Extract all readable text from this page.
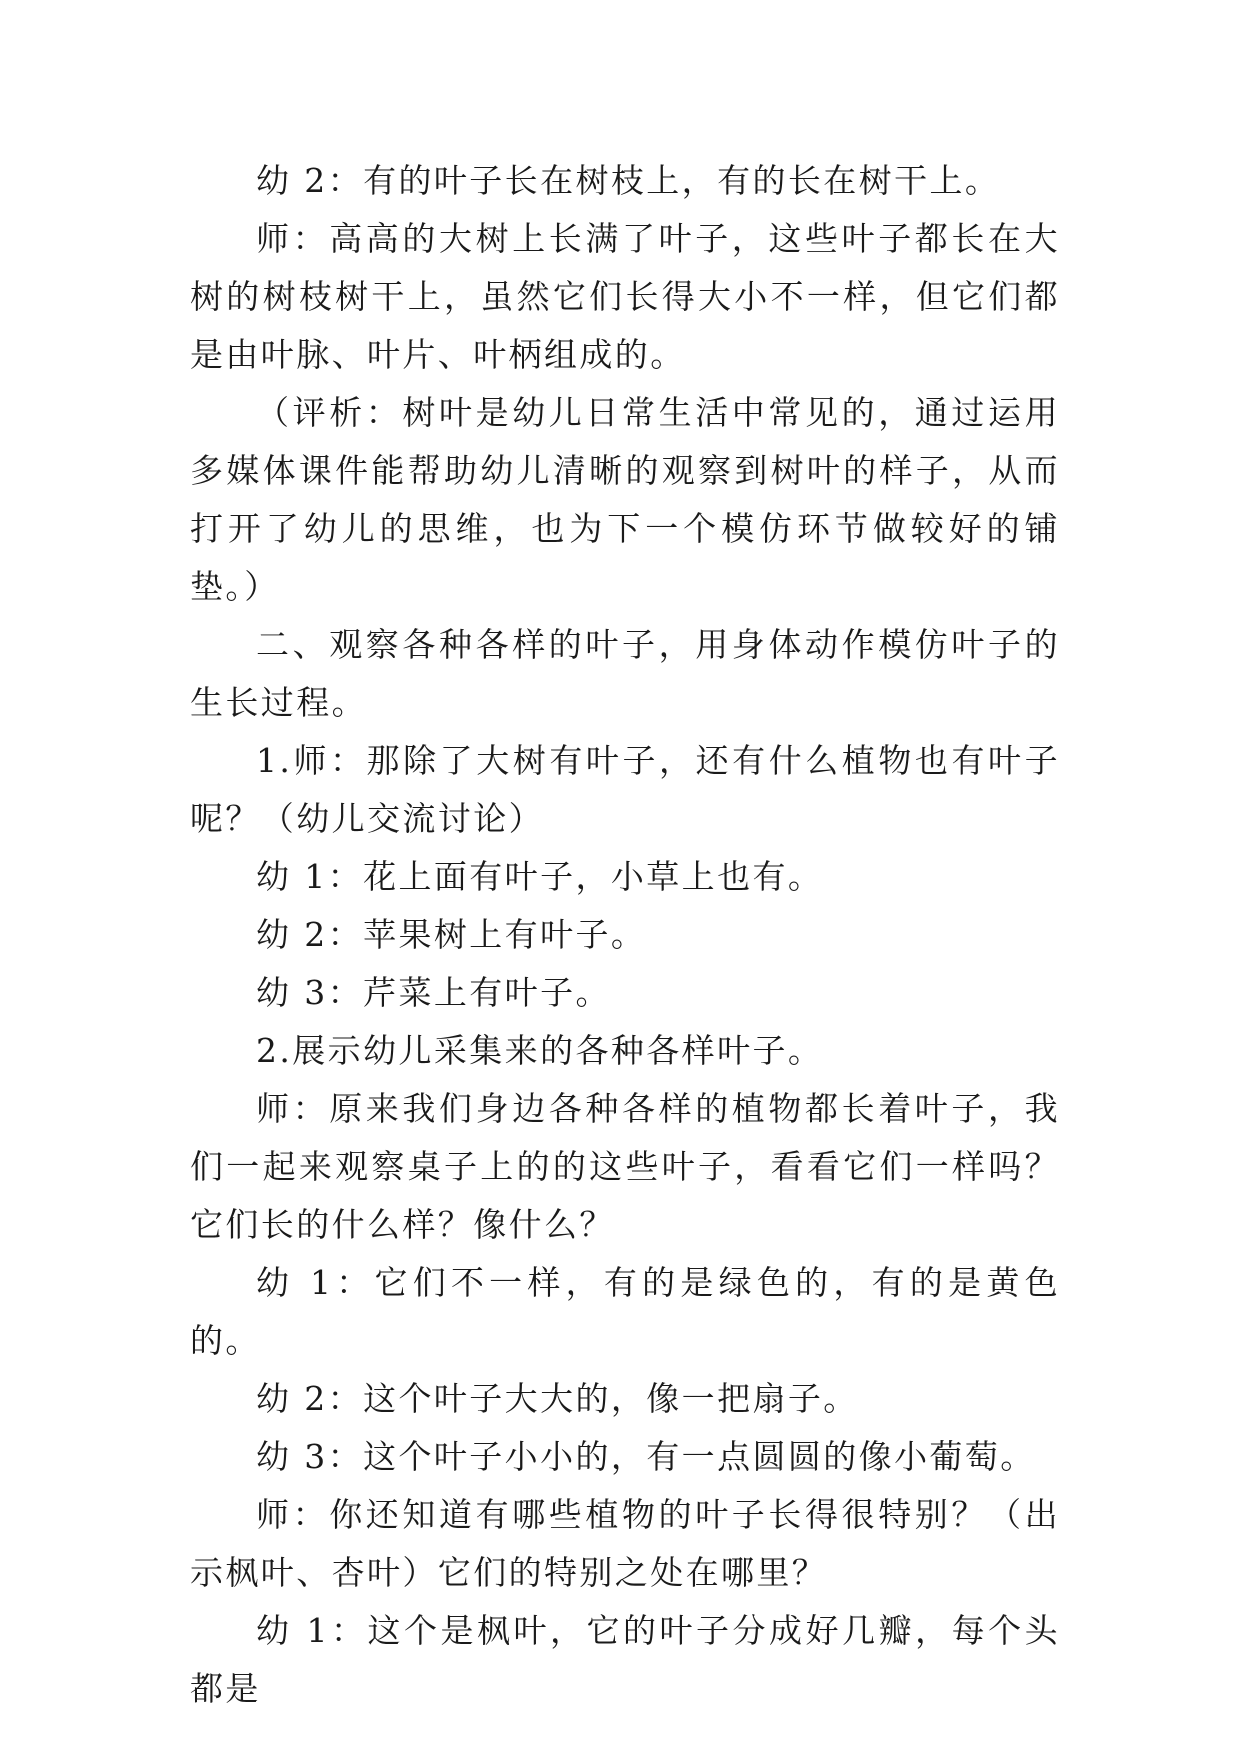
幼 2：有的叶子长在树枝上，有的长在树干上。

师：高高的大树上长满了叶子，这些叶子都长在大树的树枝树干上，虽然它们长得大小不一样，但它们都是由叶脉、叶片、叶柄组成的。

（评析：树叶是幼儿日常生活中常见的，通过运用多媒体课件能帮助幼儿清晰的观察到树叶的样子，从而打开了幼儿的思维，也为下一个模仿环节做较好的铺垫。）

二、观察各种各样的叶子，用身体动作模仿叶子的生长过程。

1.师：那除了大树有叶子，还有什么植物也有叶子呢？（幼儿交流讨论）

幼 1：花上面有叶子，小草上也有。

幼 2：苹果树上有叶子。

幼 3：芹菜上有叶子。

2.展示幼儿采集来的各种各样叶子。

师：原来我们身边各种各样的植物都长着叶子，我们一起来观察桌子上的的这些叶子，看看它们一样吗？它们长的什么样？像什么？

幼 1：它们不一样，有的是绿色的，有的是黄色的。

幼 2：这个叶子大大的，像一把扇子。

幼 3：这个叶子小小的，有一点圆圆的像小葡萄。

师：你还知道有哪些植物的叶子长得很特别？（出示枫叶、杏叶）它们的特别之处在哪里？

幼 1：这个是枫叶，它的叶子分成好几瓣，每个头都是
